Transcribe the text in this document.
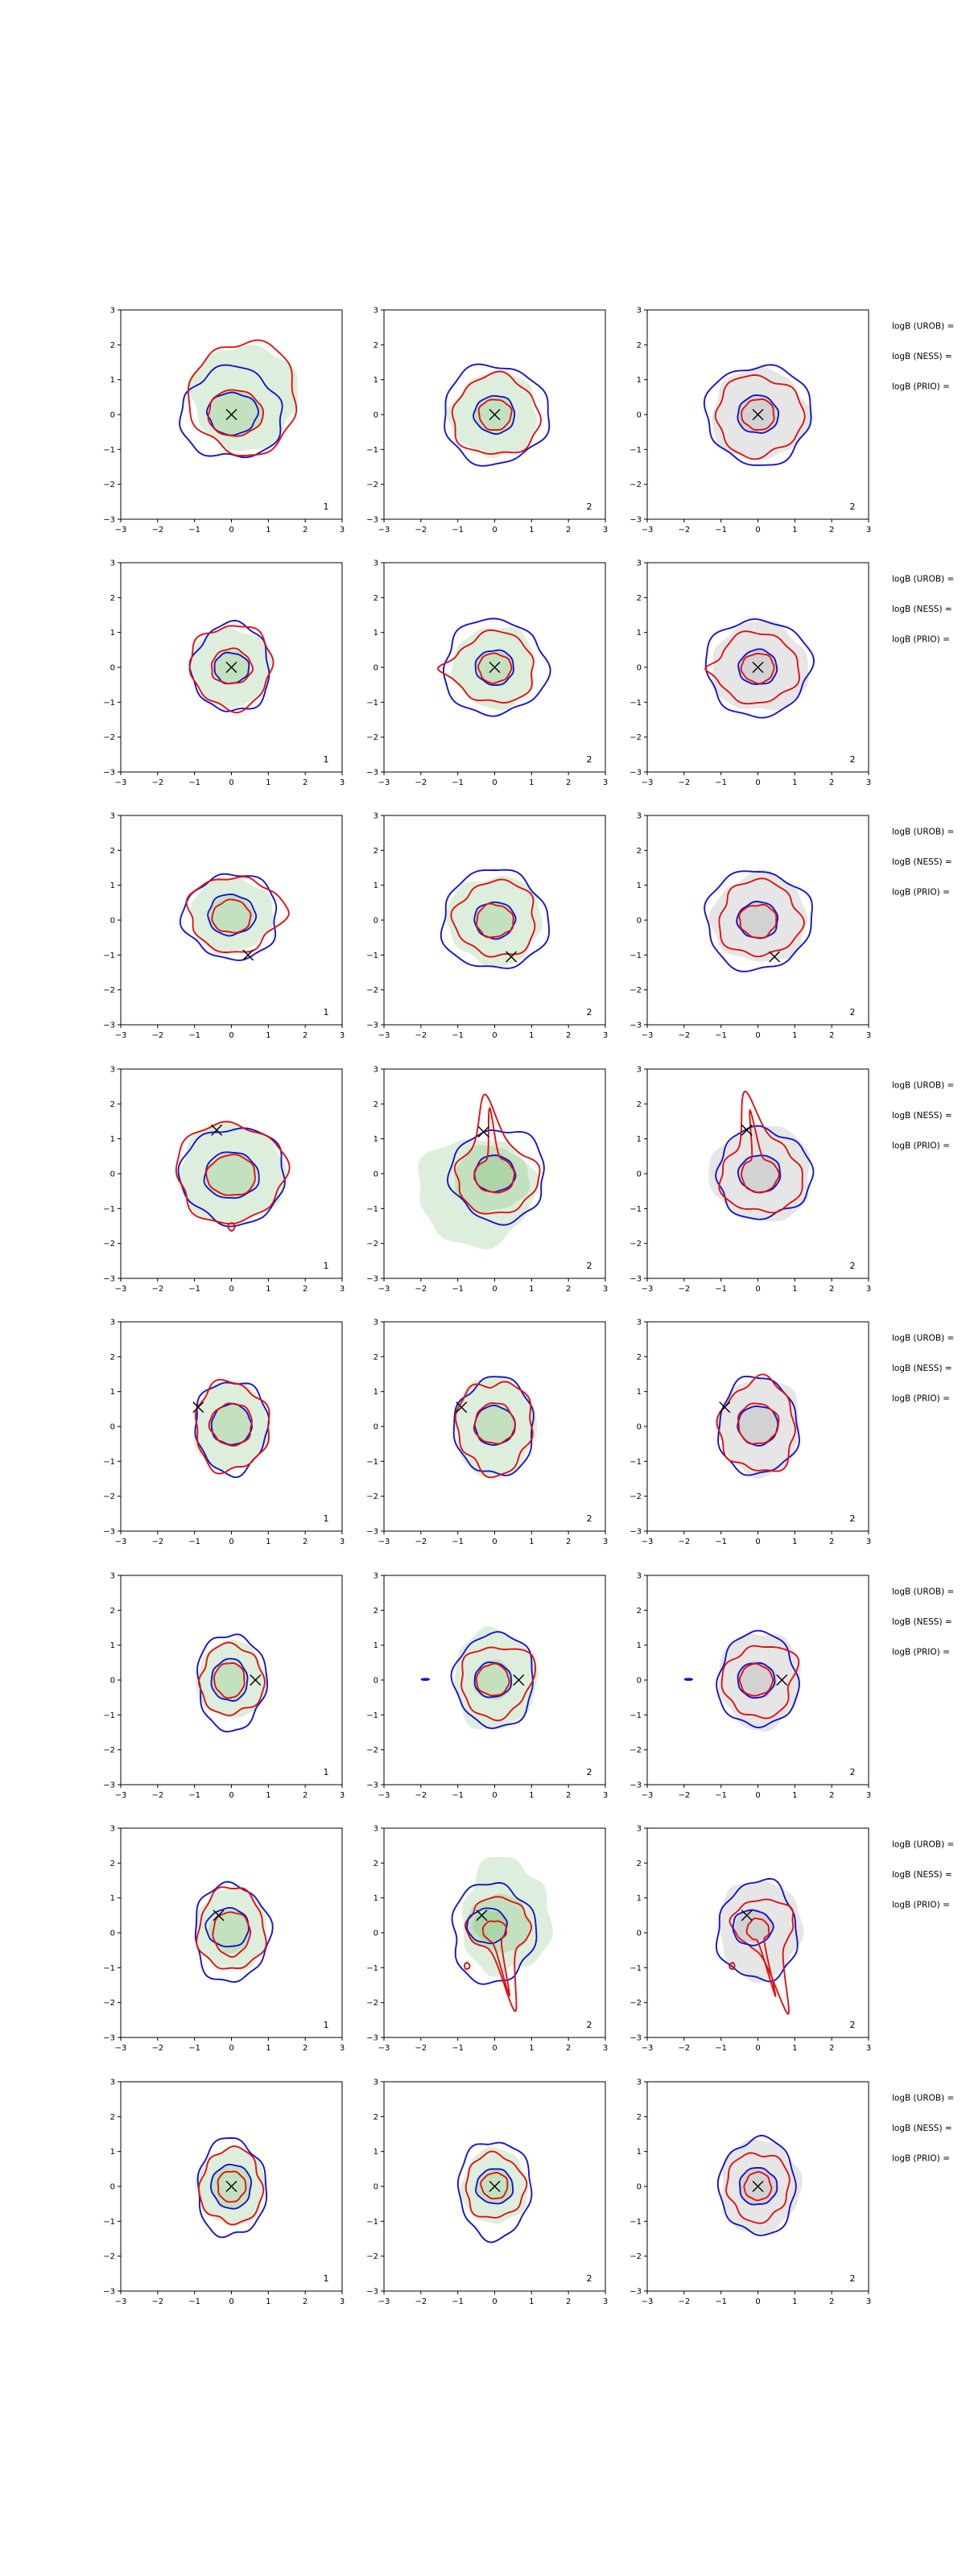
1
−3
−3
−2
−2
−1
−1
0
0
1
1
2
2
3
3
2
−3
−3
−2
−2
−1
−1
0
0
1
1
2
2
3
3
2
−3
−3
−2
−2
−1
−1
0
0
1
1
2
2
3
3
logB (UROB) =
logB (NESS) =
logB (PRIO) =
1
−3
−3
−2
−2
−1
−1
0
0
1
1
2
2
3
3
2
−3
−3
−2
−2
−1
−1
0
0
1
1
2
2
3
3
2
−3
−3
−2
−2
−1
−1
0
0
1
1
2
2
3
3
logB (UROB) =
logB (NESS) =
logB (PRIO) =
1
−3
−3
−2
−2
−1
−1
0
0
1
1
2
2
3
3
2
−3
−3
−2
−2
−1
−1
0
0
1
1
2
2
3
3
2
−3
−3
−2
−2
−1
−1
0
0
1
1
2
2
3
3
logB (UROB) =
logB (NESS) =
logB (PRIO) =
1
−3
−3
−2
−2
−1
−1
0
0
1
1
2
2
3
3
2
−3
−3
−2
−2
−1
−1
0
0
1
1
2
2
3
3
2
−3
−3
−2
−2
−1
−1
0
0
1
1
2
2
3
3
logB (UROB) =
logB (NESS) =
logB (PRIO) =
1
−3
−3
−2
−2
−1
−1
0
0
1
1
2
2
3
3
2
−3
−3
−2
−2
−1
−1
0
0
1
1
2
2
3
3
2
−3
−3
−2
−2
−1
−1
0
0
1
1
2
2
3
3
logB (UROB) =
logB (NESS) =
logB (PRIO) =
1
−3
−3
−2
−2
−1
−1
0
0
1
1
2
2
3
3
2
−3
−3
−2
−2
−1
−1
0
0
1
1
2
2
3
3
2
−3
−3
−2
−2
−1
−1
0
0
1
1
2
2
3
3
logB (UROB) =
logB (NESS) =
logB (PRIO) =
1
−3
−3
−2
−2
−1
−1
0
0
1
1
2
2
3
3
2
−3
−3
−2
−2
−1
−1
0
0
1
1
2
2
3
3
2
−3
−3
−2
−2
−1
−1
0
0
1
1
2
2
3
3
logB (UROB) =
logB (NESS) =
logB (PRIO) =
1
−3
−3
−2
−2
−1
−1
0
0
1
1
2
2
3
3
2
−3
−3
−2
−2
−1
−1
0
0
1
1
2
2
3
3
2
−3
−3
−2
−2
−1
−1
0
0
1
1
2
2
3
3
logB (UROB) =
logB (NESS) =
logB (PRIO) =
